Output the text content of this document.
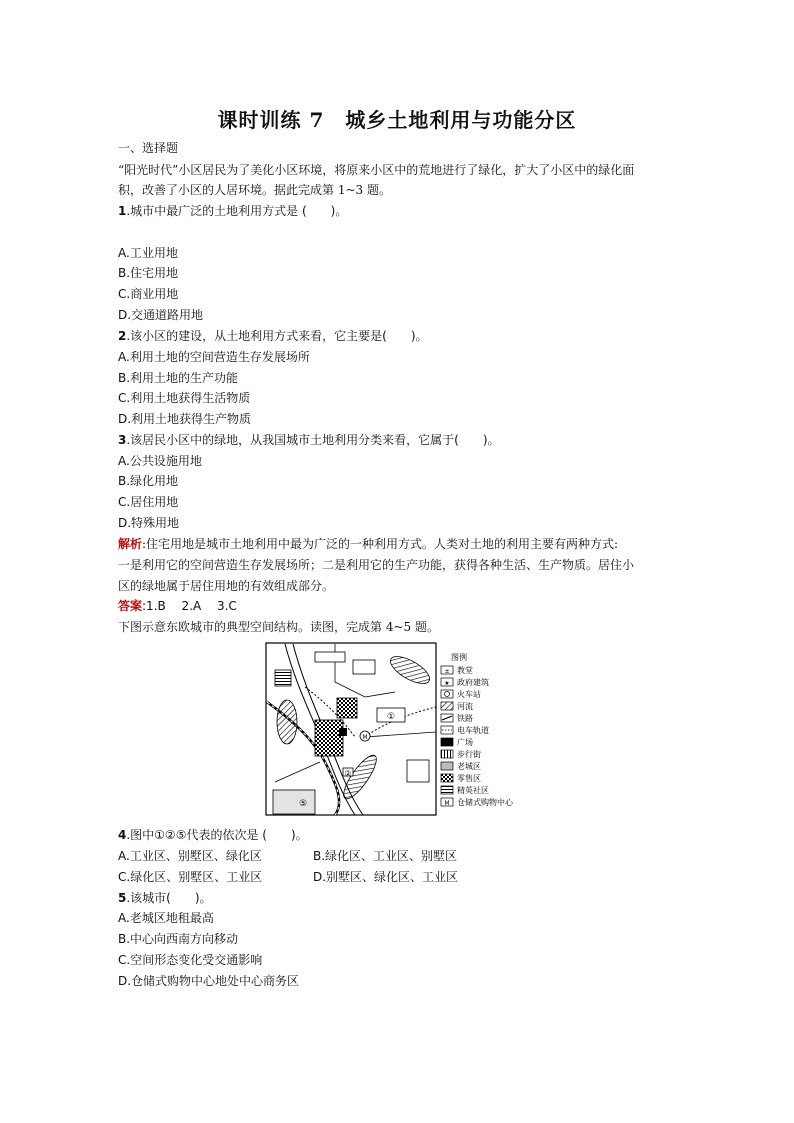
课时训练 7　城乡土地利用与功能分区
一、选择题
“阳光时代”小区居民为了美化小区环境，将原来小区中的荒地进行了绿化，扩大了小区中的绿化面
积，改善了小区的人居环境。据此完成第 1~3 题。
1.城市中最广泛的土地利用方式是 (　　)。
A.工业用地
B.住宅用地
C.商业用地
D.交通道路用地
2.该小区的建设，从土地利用方式来看，它主要是(　　)。
A.利用土地的空间营造生存发展场所
B.利用土地的生产功能
C.利用土地获得生活物质
D.利用土地获得生产物质
3.该居民小区中的绿地，从我国城市土地利用分类来看，它属于(　　)。
A.公共设施用地
B.绿化用地
C.居住用地
D.特殊用地
解析:住宅用地是城市土地利用中最为广泛的一种利用方式。人类对土地的利用主要有两种方式:
一是利用它的空间营造生存发展场所；二是利用它的生产功能，获得各种生活、生产物质。居住小
区的绿地属于居住用地的有效组成部分。
答案:1.B　 2.A　 3.C
下图示意东欧城市的典型空间结构。读图，完成第 4~5 题。
①
②
⑤
M
图例
± 教堂
★ 政府建筑
火车站
河流
铁路
电车轨道
广场
步行街
老城区
零售区
精英社区
M 仓储式购物中心
4.图中①②⑤代表的依次是 (　　)。
A.工业区、别墅区、绿化区	B.绿化区、工业区、别墅区
C.绿化区、别墅区、工业区	D.别墅区、绿化区、工业区
5.该城市(　　)。
A.老城区地租最高
B.中心向西南方向移动
C.空间形态变化受交通影响
D.仓储式购物中心地处中心商务区
